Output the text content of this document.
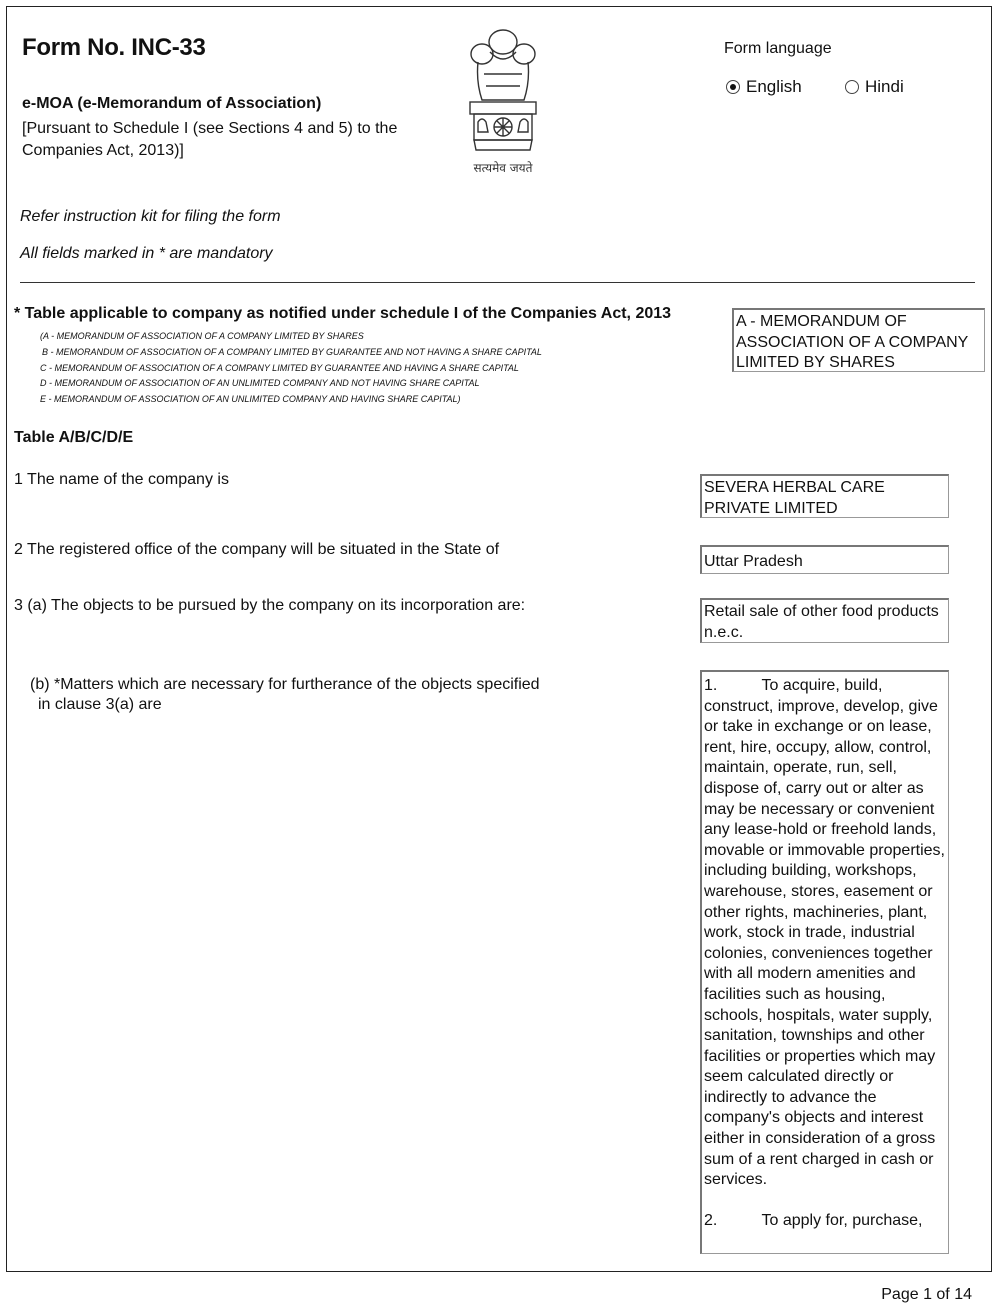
Form No. INC-33
e-MOA (e-Memorandum of Association)
[Pursuant to Schedule I (see Sections 4 and 5) to the Companies Act, 2013)]
सत्यमेव जयते
Form language
English	Hindi
Refer instruction kit for filing the form
All fields marked in * are mandatory
* Table applicable to company as notified under schedule I of the Companies Act, 2013
(A - MEMORANDUM OF ASSOCIATION OF A COMPANY LIMITED BY SHARES
B - MEMORANDUM OF ASSOCIATION OF A COMPANY LIMITED BY GUARANTEE AND NOT HAVING A SHARE CAPITAL
C - MEMORANDUM OF ASSOCIATION OF A COMPANY LIMITED BY GUARANTEE AND HAVING A SHARE CAPITAL
D - MEMORANDUM OF ASSOCIATION OF AN UNLIMITED COMPANY AND NOT HAVING SHARE CAPITAL
E - MEMORANDUM OF ASSOCIATION OF AN UNLIMITED COMPANY AND HAVING SHARE CAPITAL)
A - MEMORANDUM OF ASSOCIATION OF A COMPANY LIMITED BY SHARES
Table A/B/C/D/E
1 The name of the company is	SEVERA HERBAL CARE PRIVATE LIMITED
2 The registered office of the company will be situated in the State of
Uttar Pradesh
3 (a) The objects to be pursued by the company on its incorporation are:	Retail sale of other food products n.e.c.
(b) *Matters which are necessary for furtherance of the objects specified
in clause 3(a) are
1.          To acquire, build, construct, improve, develop, give or take in exchange or on lease, rent, hire, occupy, allow, control, maintain, operate, run, sell, dispose of, carry out or alter as may be necessary or convenient any lease-hold or freehold lands, movable or immovable properties, including building, workshops, warehouse, stores, easement or other rights, machineries, plant, work, stock in trade, industrial colonies, conveniences together with all modern amenities and facilities such as housing, schools, hospitals, water supply, sanitation, townships and other facilities or properties which may seem calculated directly or indirectly to advance the company's objects and interest either in consideration of a gross sum of a rent charged in cash or services.

2.          To apply for, purchase,
Page 1 of 14
